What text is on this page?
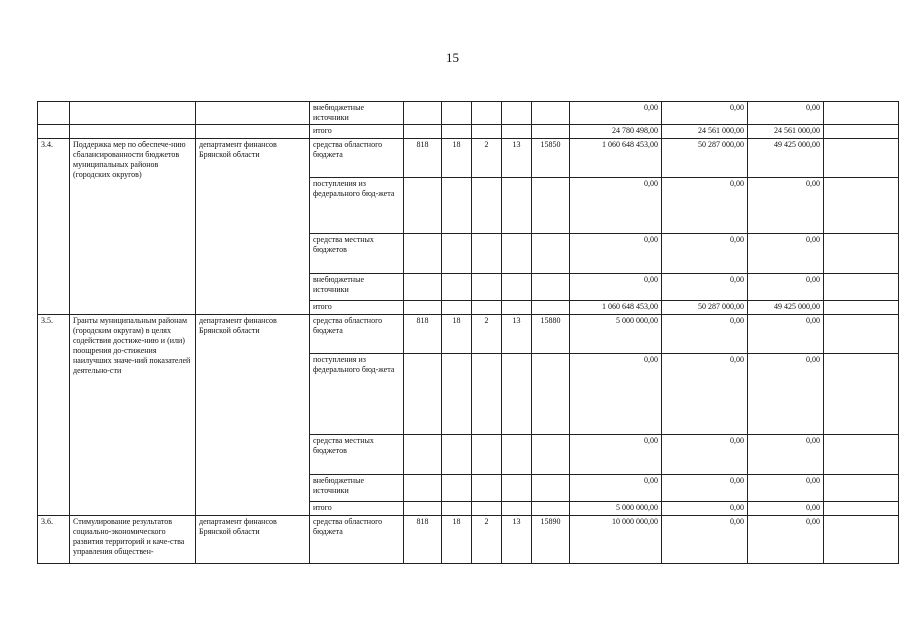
15
			внебюджетные источники						0,00	0,00	0,00	
			итого						24 780 498,00	24 561 000,00	24 561 000,00	
3.4.	Поддержка мер по обеспече-нию сбалансированности бюджетов муниципальных районов (городских округов)	департамент финансов Брянской области	средства областного бюджета	818	18	2	13	15850	1 060 648 453,00	50 287 000,00	49 425 000,00	
			поступления из федерального бюд-жета						0,00	0,00	0,00	
			средства местных бюджетов						0,00	0,00	0,00	
			внебюджетные источники						0,00	0,00	0,00	
			итого						1 060 648 453,00	50 287 000,00	49 425 000,00	
3.5.	Гранты муниципальным районам (городским округам) в целях содействия достиже-нию и (или) поощрения до-стижения наилучших значе-ний показателей деятельно-сти	департамент финансов Брянской области	средства областного бюджета	818	18	2	13	15880	5 000 000,00	0,00	0,00	
			поступления из федерального бюд-жета						0,00	0,00	0,00	
			средства местных бюджетов						0,00	0,00	0,00	
			внебюджетные источники						0,00	0,00	0,00	
			итого						5 000 000,00	0,00	0,00	
3.6.	Стимулирование результатов социально-экономического развития территорий и каче-ства управления обществен-	департамент финансов Брянской области	средства областного бюджета	818	18	2	13	15890	10 000 000,00	0,00	0,00	
